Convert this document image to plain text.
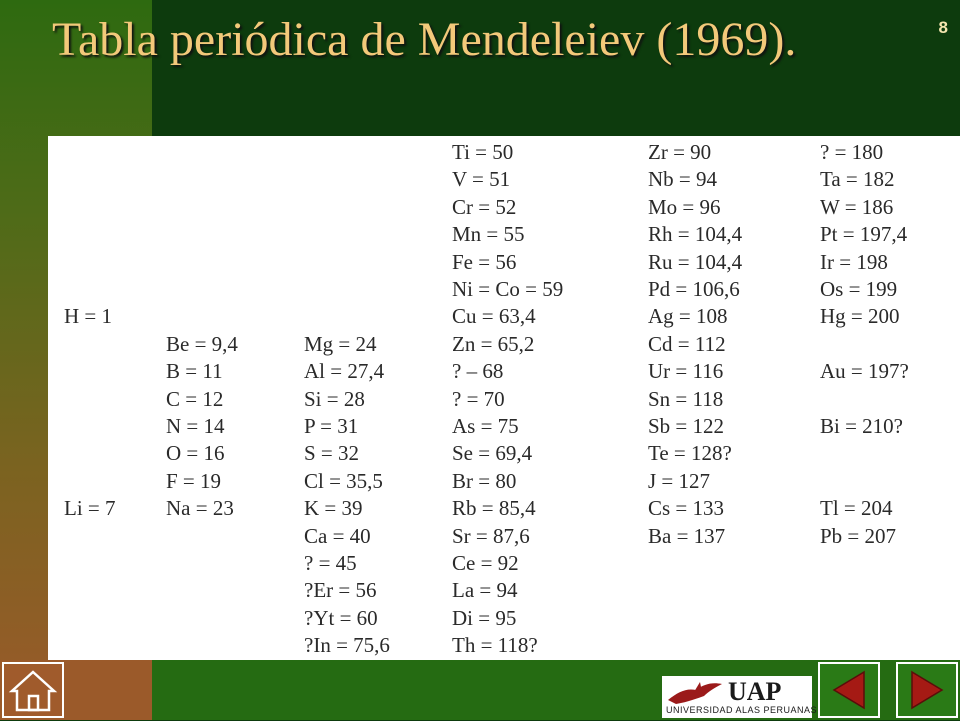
Tabla periódica de Mendeleiev (1969).	8
H = 1
Li = 7
Be = 9,4
B = 11
C = 12
N = 14
O = 16
F = 19
Na = 23
Mg = 24
Al = 27,4
Si = 28
P = 31
S = 32
Cl = 35,5
K = 39
Ca = 40
? = 45
?Er = 56
?Yt = 60
?In = 75,6
Ti = 50
V = 51
Cr = 52
Mn = 55
Fe = 56
Ni = Co = 59
Cu = 63,4
Zn = 65,2
? – 68
? = 70
As = 75
Se = 69,4
Br = 80
Rb = 85,4
Sr = 87,6
Ce = 92
La = 94
Di = 95
Th = 118?
Zr = 90
Nb = 94
Mo = 96
Rh = 104,4
Ru = 104,4
Pd = 106,6
Ag = 108
Cd = 112
Ur = 116
Sn = 118
Sb = 122
Te = 128?
J = 127
Cs = 133
Ba = 137
? = 180
Ta = 182
W = 186
Pt = 197,4
Ir = 198
Os = 199
Hg = 200
Au = 197?
Bi = 210?
Tl = 204
Pb = 207
UAP
UNIVERSIDAD ALAS PERUANAS
